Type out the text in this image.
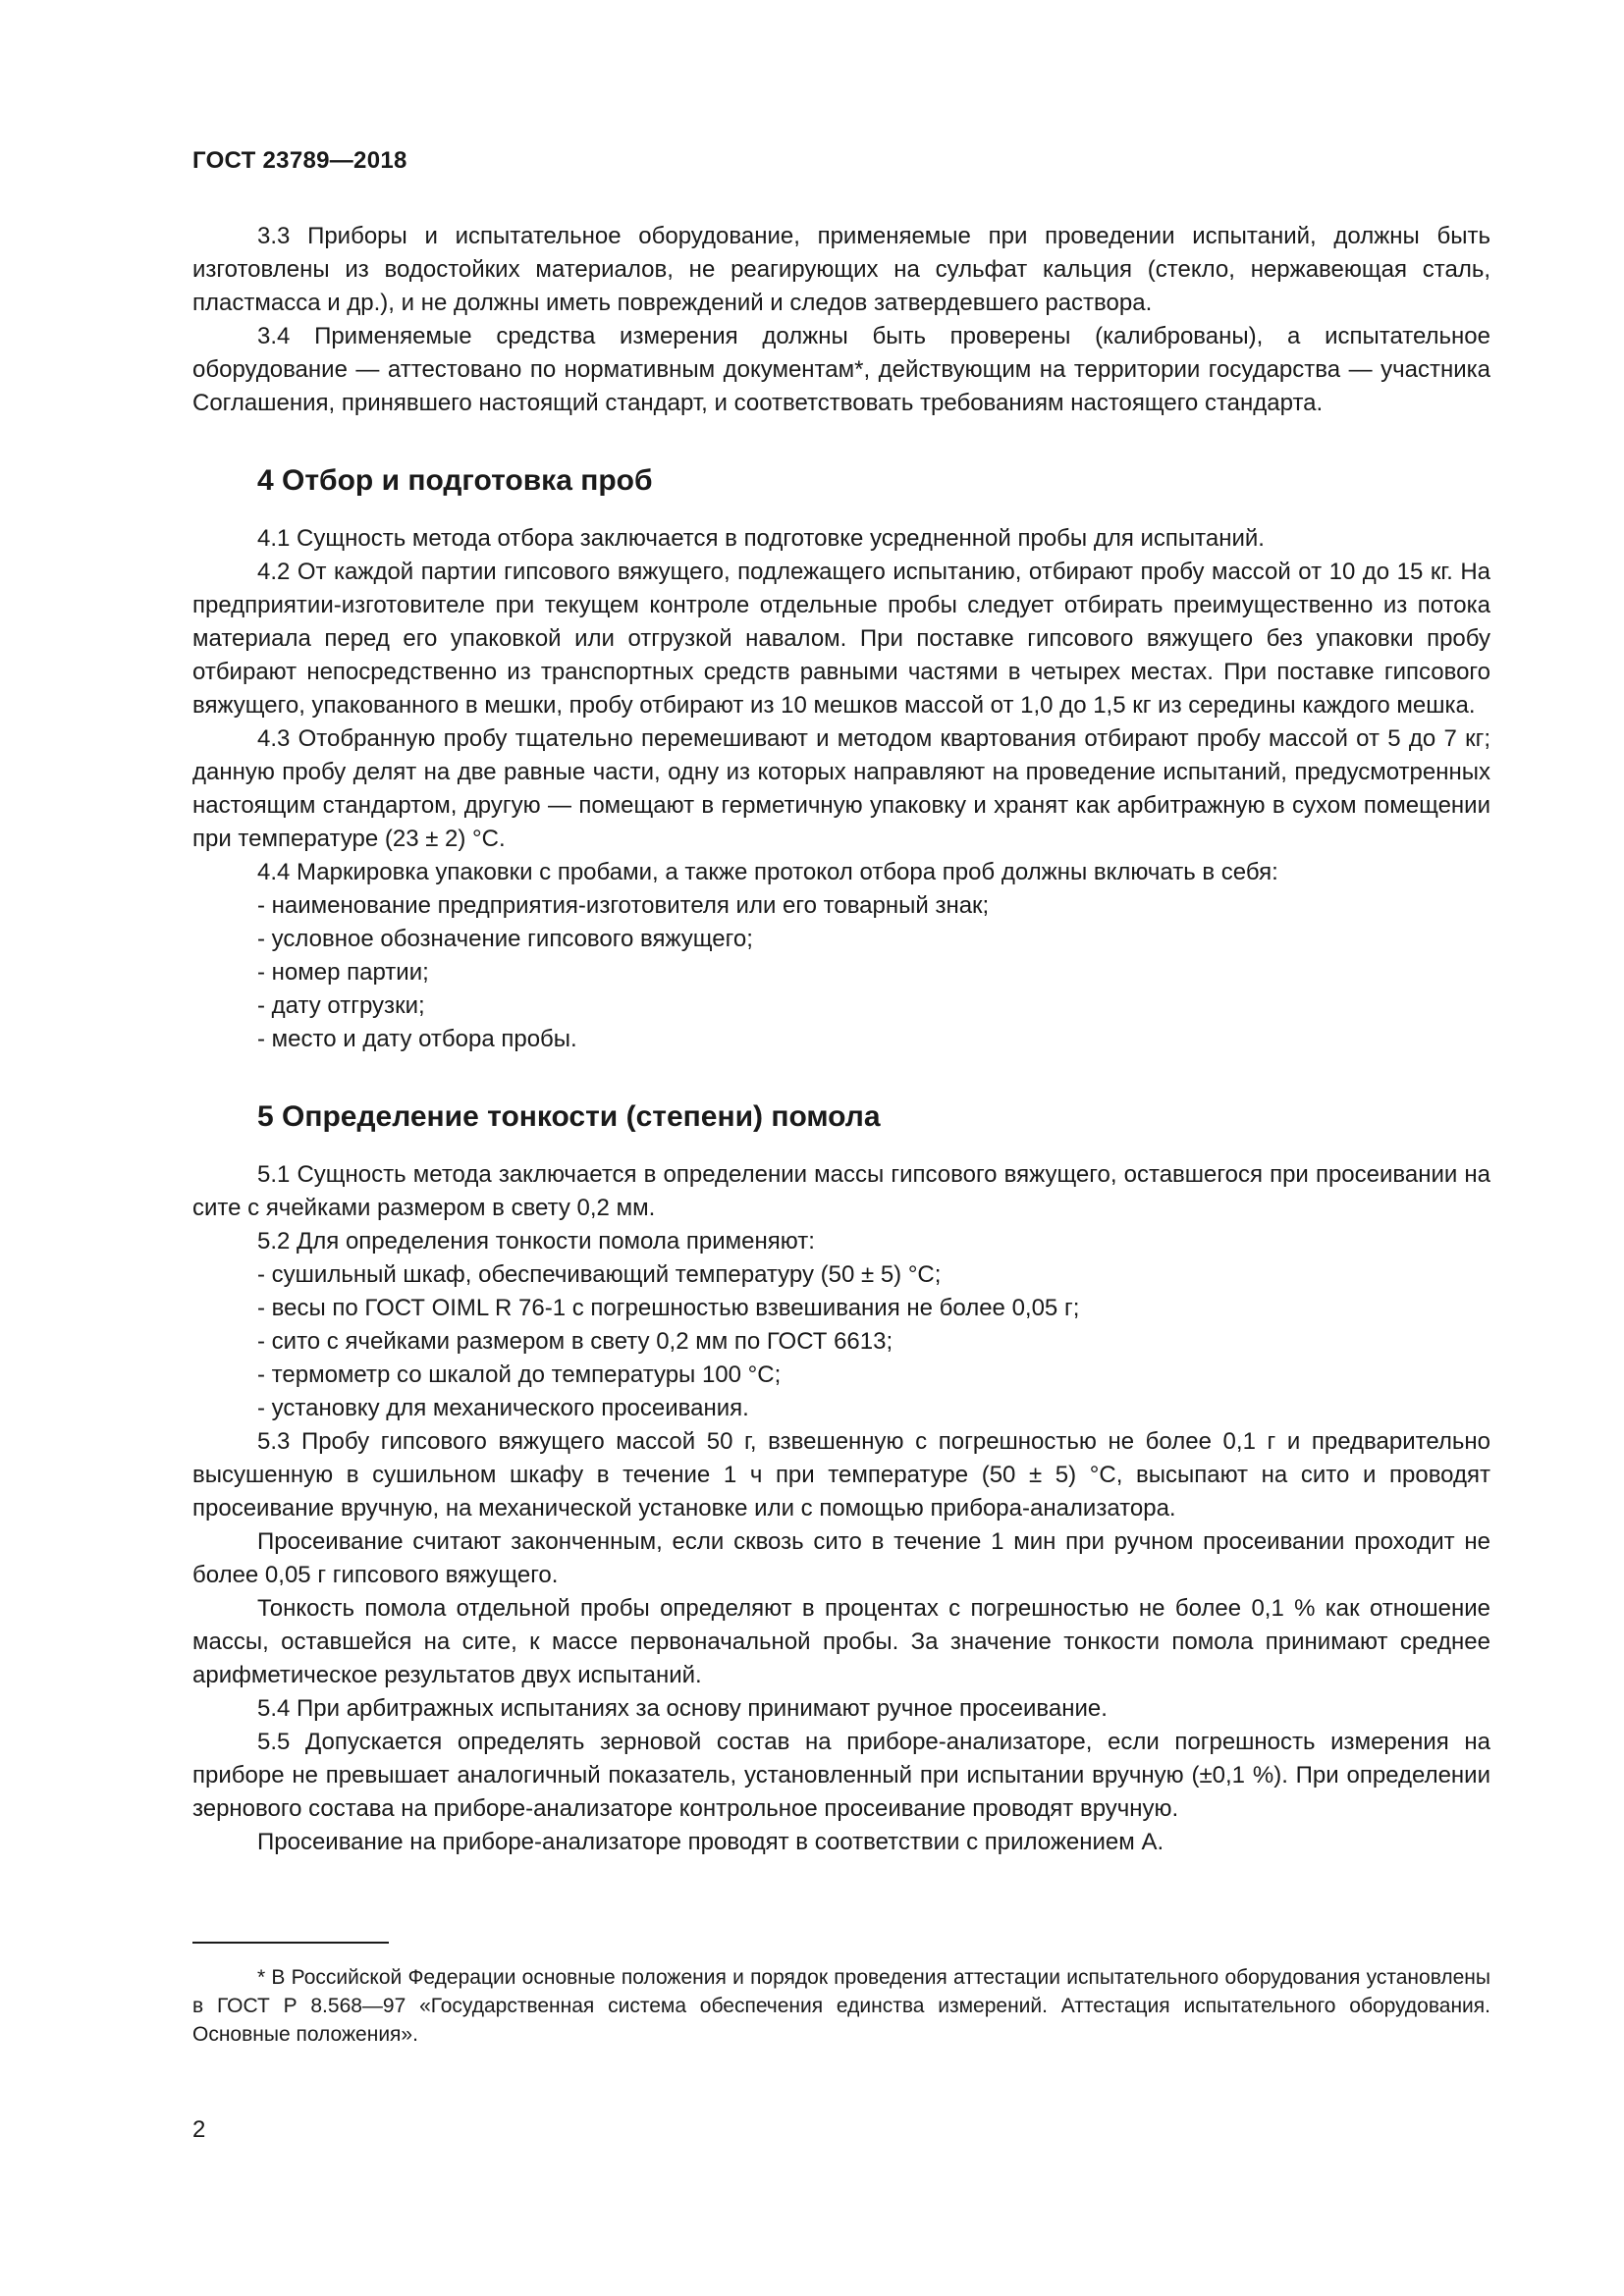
ГОСТ 23789—2018

3.3 Приборы и испытательное оборудование, применяемые при проведении испытаний, должны быть изготовлены из водостойких материалов, не реагирующих на сульфат кальция (стекло, нержавеющая сталь, пластмасса и др.), и не должны иметь повреждений и следов затвердевшего раствора.

3.4 Применяемые средства измерения должны быть проверены (калиброваны), а испытательное оборудование — аттестовано по нормативным документам*, действующим на территории государства — участника Соглашения, принявшего настоящий стандарт, и соответствовать требованиям настоящего стандарта.

4 Отбор и подготовка проб

4.1 Сущность метода отбора заключается в подготовке усредненной пробы для испытаний.

4.2 От каждой партии гипсового вяжущего, подлежащего испытанию, отбирают пробу массой от 10 до 15 кг. На предприятии-изготовителе при текущем контроле отдельные пробы следует отбирать преимущественно из потока материала перед его упаковкой или отгрузкой навалом. При поставке гипсового вяжущего без упаковки пробу отбирают непосредственно из транспортных средств равными частями в четырех местах. При поставке гипсового вяжущего, упакованного в мешки, пробу отбирают из 10 мешков массой от 1,0 до 1,5 кг из середины каждого мешка.

4.3 Отобранную пробу тщательно перемешивают и методом квартования отбирают пробу массой от 5 до 7 кг; данную пробу делят на две равные части, одну из которых направляют на проведение испытаний, предусмотренных настоящим стандартом, другую — помещают в герметичную упаковку и хранят как арбитражную в сухом помещении при температуре (23 ± 2) °С.

4.4 Маркировка упаковки с пробами, а также протокол отбора проб должны включать в себя:

- наименование предприятия-изготовителя или его товарный знак;

- условное обозначение гипсового вяжущего;

- номер партии;

- дату отгрузки;

- место и дату отбора пробы.

5 Определение тонкости (степени) помола

5.1 Сущность метода заключается в определении массы гипсового вяжущего, оставшегося при просеивании на сите с ячейками размером в свету 0,2 мм.

5.2 Для определения тонкости помола применяют:

- сушильный шкаф, обеспечивающий температуру (50 ± 5) °С;

- весы по ГОСТ OIML R 76-1 с погрешностью взвешивания не более 0,05 г;

- сито с ячейками размером в свету 0,2 мм по ГОСТ 6613;

- термометр со шкалой до температуры 100 °С;

- установку для механического просеивания.

5.3 Пробу гипсового вяжущего массой 50 г, взвешенную с погрешностью не более 0,1 г и предварительно высушенную в сушильном шкафу в течение 1 ч при температуре (50 ± 5) °С, высыпают на сито и проводят просеивание вручную, на механической установке или с помощью прибора-анализатора.

Просеивание считают законченным, если сквозь сито в течение 1 мин при ручном просеивании проходит не более 0,05 г гипсового вяжущего.

Тонкость помола отдельной пробы определяют в процентах с погрешностью не более 0,1 % как отношение массы, оставшейся на сите, к массе первоначальной пробы. За значение тонкости помола принимают среднее арифметическое результатов двух испытаний.

5.4 При арбитражных испытаниях за основу принимают ручное просеивание.

5.5 Допускается определять зерновой состав на приборе-анализаторе, если погрешность измерения на приборе не превышает аналогичный показатель, установленный при испытании вручную (±0,1 %). При определении зернового состава на приборе-анализаторе контрольное просеивание проводят вручную.

Просеивание на приборе-анализаторе проводят в соответствии с приложением А.

* В Российской Федерации основные положения и порядок проведения аттестации испытательного оборудования установлены в ГОСТ Р 8.568—97 «Государственная система обеспечения единства измерений. Аттестация испытательного оборудования. Основные положения».

2
